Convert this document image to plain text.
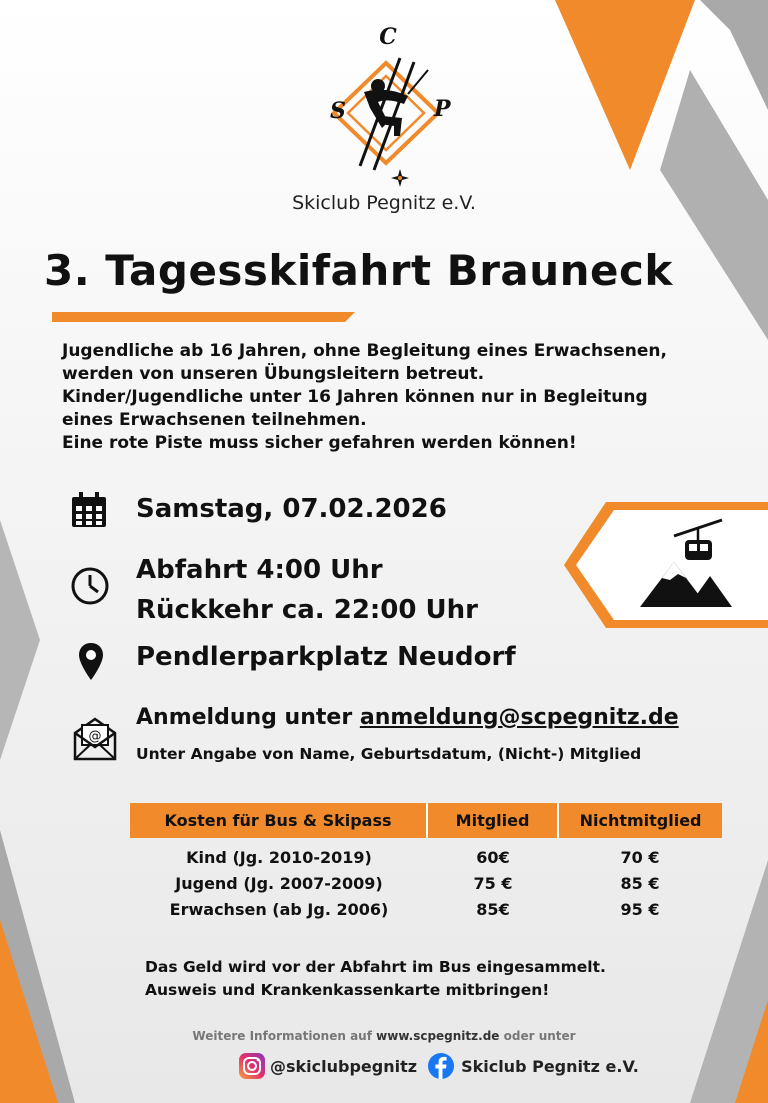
C
S	P
Skiclub Pegnitz e.V.
3. Tagesskifahrt Brauneck
Jugendliche ab 16 Jahren, ohne Begleitung eines Erwachsenen,
werden von unseren Übungsleitern betreut.
Kinder/Jugendliche unter 16 Jahren können nur in Begleitung
eines Erwachsenen teilnehmen.
Eine rote Piste muss sicher gefahren werden können!
@
Samstag, 07.02.2026
Abfahrt 4:00 Uhr
Rückkehr ca. 22:00 Uhr
Pendlerparkplatz Neudorf
Anmeldung unter anmeldung@scpegnitz.de
Unter Angabe von Name, Geburtsdatum, (Nicht-) Mitglied
Kosten für Bus & Skipass	Mitglied	Nichtmitglied
Kind (Jg. 2010-2019)	60€	70 €
Jugend (Jg. 2007-2009)	75 €	85 €
Erwachsen (ab Jg. 2006)	85€	95 €
Das Geld wird vor der Abfahrt im Bus eingesammelt.
Ausweis und Krankenkassenkarte mitbringen!
Weitere Informationen auf www.scpegnitz.de oder unter
@skiclubpegnitz	Skiclub Pegnitz e.V.
